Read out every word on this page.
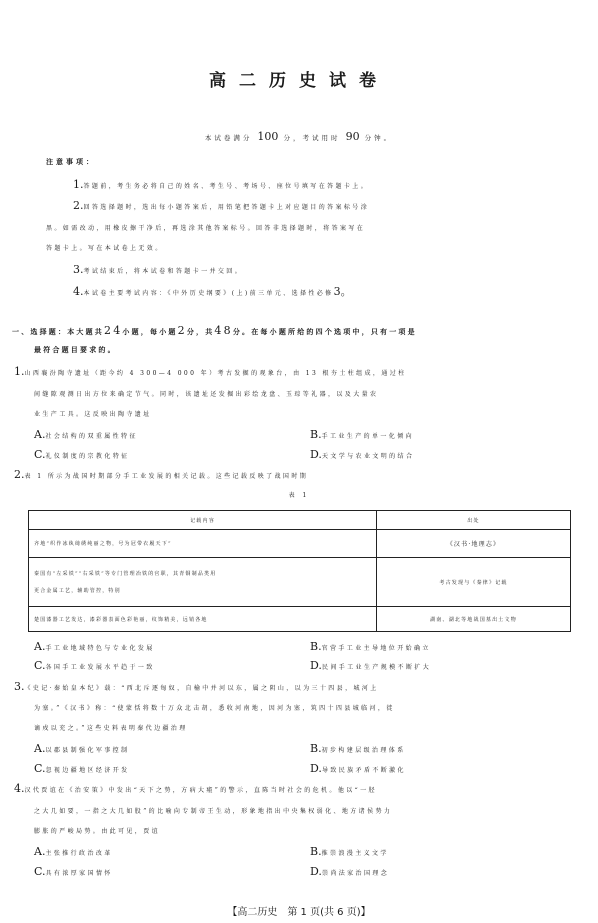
高二历史试卷
本试卷满分 100 分，考试用时 90 分钟。
注意事项：
1.答题前，考生务必将自己的姓名、考生号、考场号、座位号填写在答题卡上。
2.回答选择题时，选出每小题答案后，用铅笔把答题卡上对应题目的答案标号涂
黑。如需改动，用橡皮擦干净后，再选涂其他答案标号。回答非选择题时，将答案写在
答题卡上。写在本试卷上无效。
3.考试结束后，将本试卷和答题卡一并交回。
4.本试卷主要考试内容：《中外历史纲要》(上)前三单元、选择性必修3。
一、选择题：本大题共24小题，每小题2分，共48分。在每小题所给的四个选项中，只有一项是
最符合题目要求的。
1.山西襄汾陶寺遗址（距今约 4 300—4 000 年）考古发掘的观象台，由 13 根夯土柱组成，通过柱
间缝隙观测日出方位来确定节气。同时，该遗址还发掘出彩绘龙盘、玉琮等礼器，以及大量农
业生产工具。这反映出陶寺遗址
A.社会结构的双重属性特征	B.手工业生产的单一化倾向
C.礼仪制度的宗教化特征	D.天文学与农业文明的结合
2.表 1 所示为战国时期部分手工业发展的相关记载。这些记载反映了战国时期
表 1
记载内容	出处
齐地“织作冰纨绮绣纯丽之物，号为冠带衣履天下”	《汉书·地理志》

秦国有“左采铁”“右采铁”等专门管理冶铁的官职，其青铜制品类用
更合金属工艺，辅助管控，特别	考古发现与《秦律》记载
楚国漆器工艺发达，漆彩器表面色彩艳丽，纹饰精美，远销各地	湖南、湖北等地战国墓出土文物
A.手工业地域特色与专业化发展	B.官营手工业主导地位开始确立
C.各国手工业发展水平趋于一致	D.民间手工业生产规模不断扩大
3.《史记·秦始皇本纪》载：“西北斥逐匈奴，自榆中并河以东，属之阴山，以为三十四县，城河上
为塞。”《汉书》称：“使蒙恬将数十万众北击胡，悉收河南地，因河为塞，筑四十四县城临河，徙
谪戍以充之。”这些史料表明秦代边疆治理
A.以郡县制强化军事控制	B.初步构建层级治理体系
C.忽视边疆地区经济开发	D.导致民族矛盾不断激化
4.汉代贾谊在《治安策》中发出“天下之势，方病大瘇”的警示，直陈当时社会的危机。他以“一胫
之大几如要，一指之大几如股”的比喻向专制帝王生动，形象地指出中央集权弱化、地方诸侯势力
膨胀的严峻局势。由此可见，贾谊
A.主张推行政治改革	B.推崇浪漫主义文学
C.具有浓厚家国情怀	D.崇尚法家治国理念
【高二历史　第 1 页(共 6 页)】
